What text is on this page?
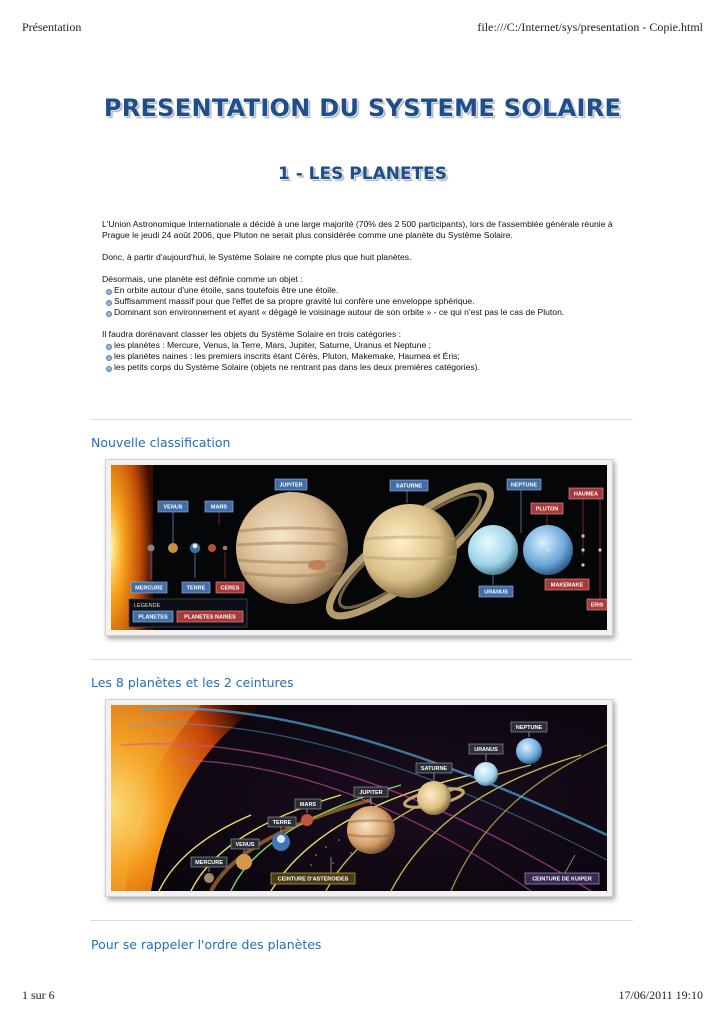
Présentation	file:///C:/Internet/sys/presentation - Copie.html
PRESENTATION DU SYSTEME SOLAIRE
1 - LES PLANETES

L'Union Astronomique Internationale a décidé à une large majorité (70% des 2 500 participants), lors de l'assemblée générale réunie à Prague le jeudi 24 août 2006, que Pluton ne serait plus considérée comme une planète du Système Solaire.

Donc, à partir d'aujourd'hui, le Système Solaire ne compte plus que huit planètes.

Désormais, une planète est définie comme un objet :

En orbite autour d'une étoile, sans toutefois être une étoile.
Suffisamment massif pour que l'effet de sa propre gravité lui confère une enveloppe sphérique.
Dominant son environnement et ayant « dégagé le voisinage autour de son orbite » - ce qui n'est pas le cas de Pluton.

Il faudra dorénavant classer les objets du Système Solaire en trois catégories :

les planètes : Mercure, Venus, la Terre, Mars, Jupiter, Saturne, Uranus et Neptune ;
les planètes naines : les premiers inscrits étant Cérès, Pluton, Makemake, Haumea et Éris;
les petits corps du Système Solaire (objets ne rentrant pas dans les deux premières catégories).
Nouvelle classification
VENUS	MARS
JUPITER	SATURNE	NEPTUNE
MERCURE	TERRE
URANUS
CERES
HAUMEA
PLUTON
MAKEMAKE
ERIS
LEGENDE
PLANETES	PLANETES NAINES
Les 8 planètes et les 2 ceintures
MERCURE
VENUS
TERRE
MARS
JUPITER
SATURNE
URANUS
NEPTUNE
CEINTURE D'ASTEROIDES	CEINTURE DE KUIPER
Pour se rappeler l'ordre des planètes
1 sur 6	17/06/2011 19:10
